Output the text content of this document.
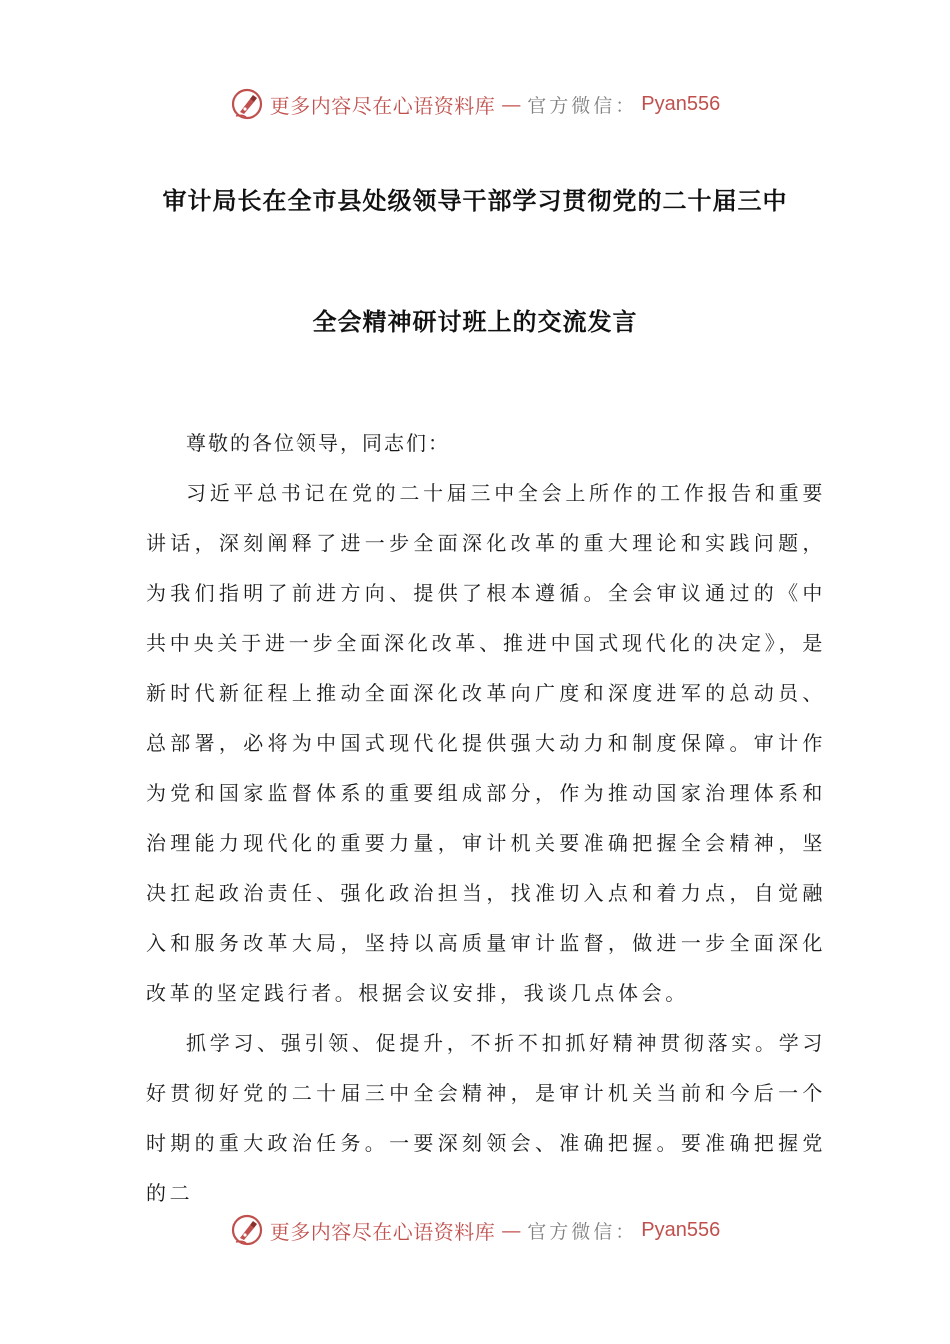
更多内容尽在心语资料库 — 官方微信： Pyan556
审计局长在全市县处级领导干部学习贯彻党的二十届三中
全会精神研讨班上的交流发言

尊敬的各位领导，同志们：

习近平总书记在党的二十届三中全会上所作的工作报告和重要讲话，深刻阐释了进一步全面深化改革的重大理论和实践问题，为我们指明了前进方向、提供了根本遵循。全会审议通过的《中共中央关于进一步全面深化改革、推进中国式现代化的决定》，是新时代新征程上推动全面深化改革向广度和深度进军的总动员、总部署，必将为中国式现代化提供强大动力和制度保障。审计作为党和国家监督体系的重要组成部分，作为推动国家治理体系和治理能力现代化的重要力量，审计机关要准确把握全会精神，坚决扛起政治责任、强化政治担当，找准切入点和着力点，自觉融入和服务改革大局，坚持以高质量审计监督，做进一步全面深化改革的坚定践行者。根据会议安排，我谈几点体会。

抓学习、强引领、促提升，不折不扣抓好精神贯彻落实。学习好贯彻好党的二十届三中全会精神，是审计机关当前和今后一个时期的重大政治任务。一要深刻领会、准确把握。要准确把握党的二

更多内容尽在心语资料库 — 官方微信： Pyan556
